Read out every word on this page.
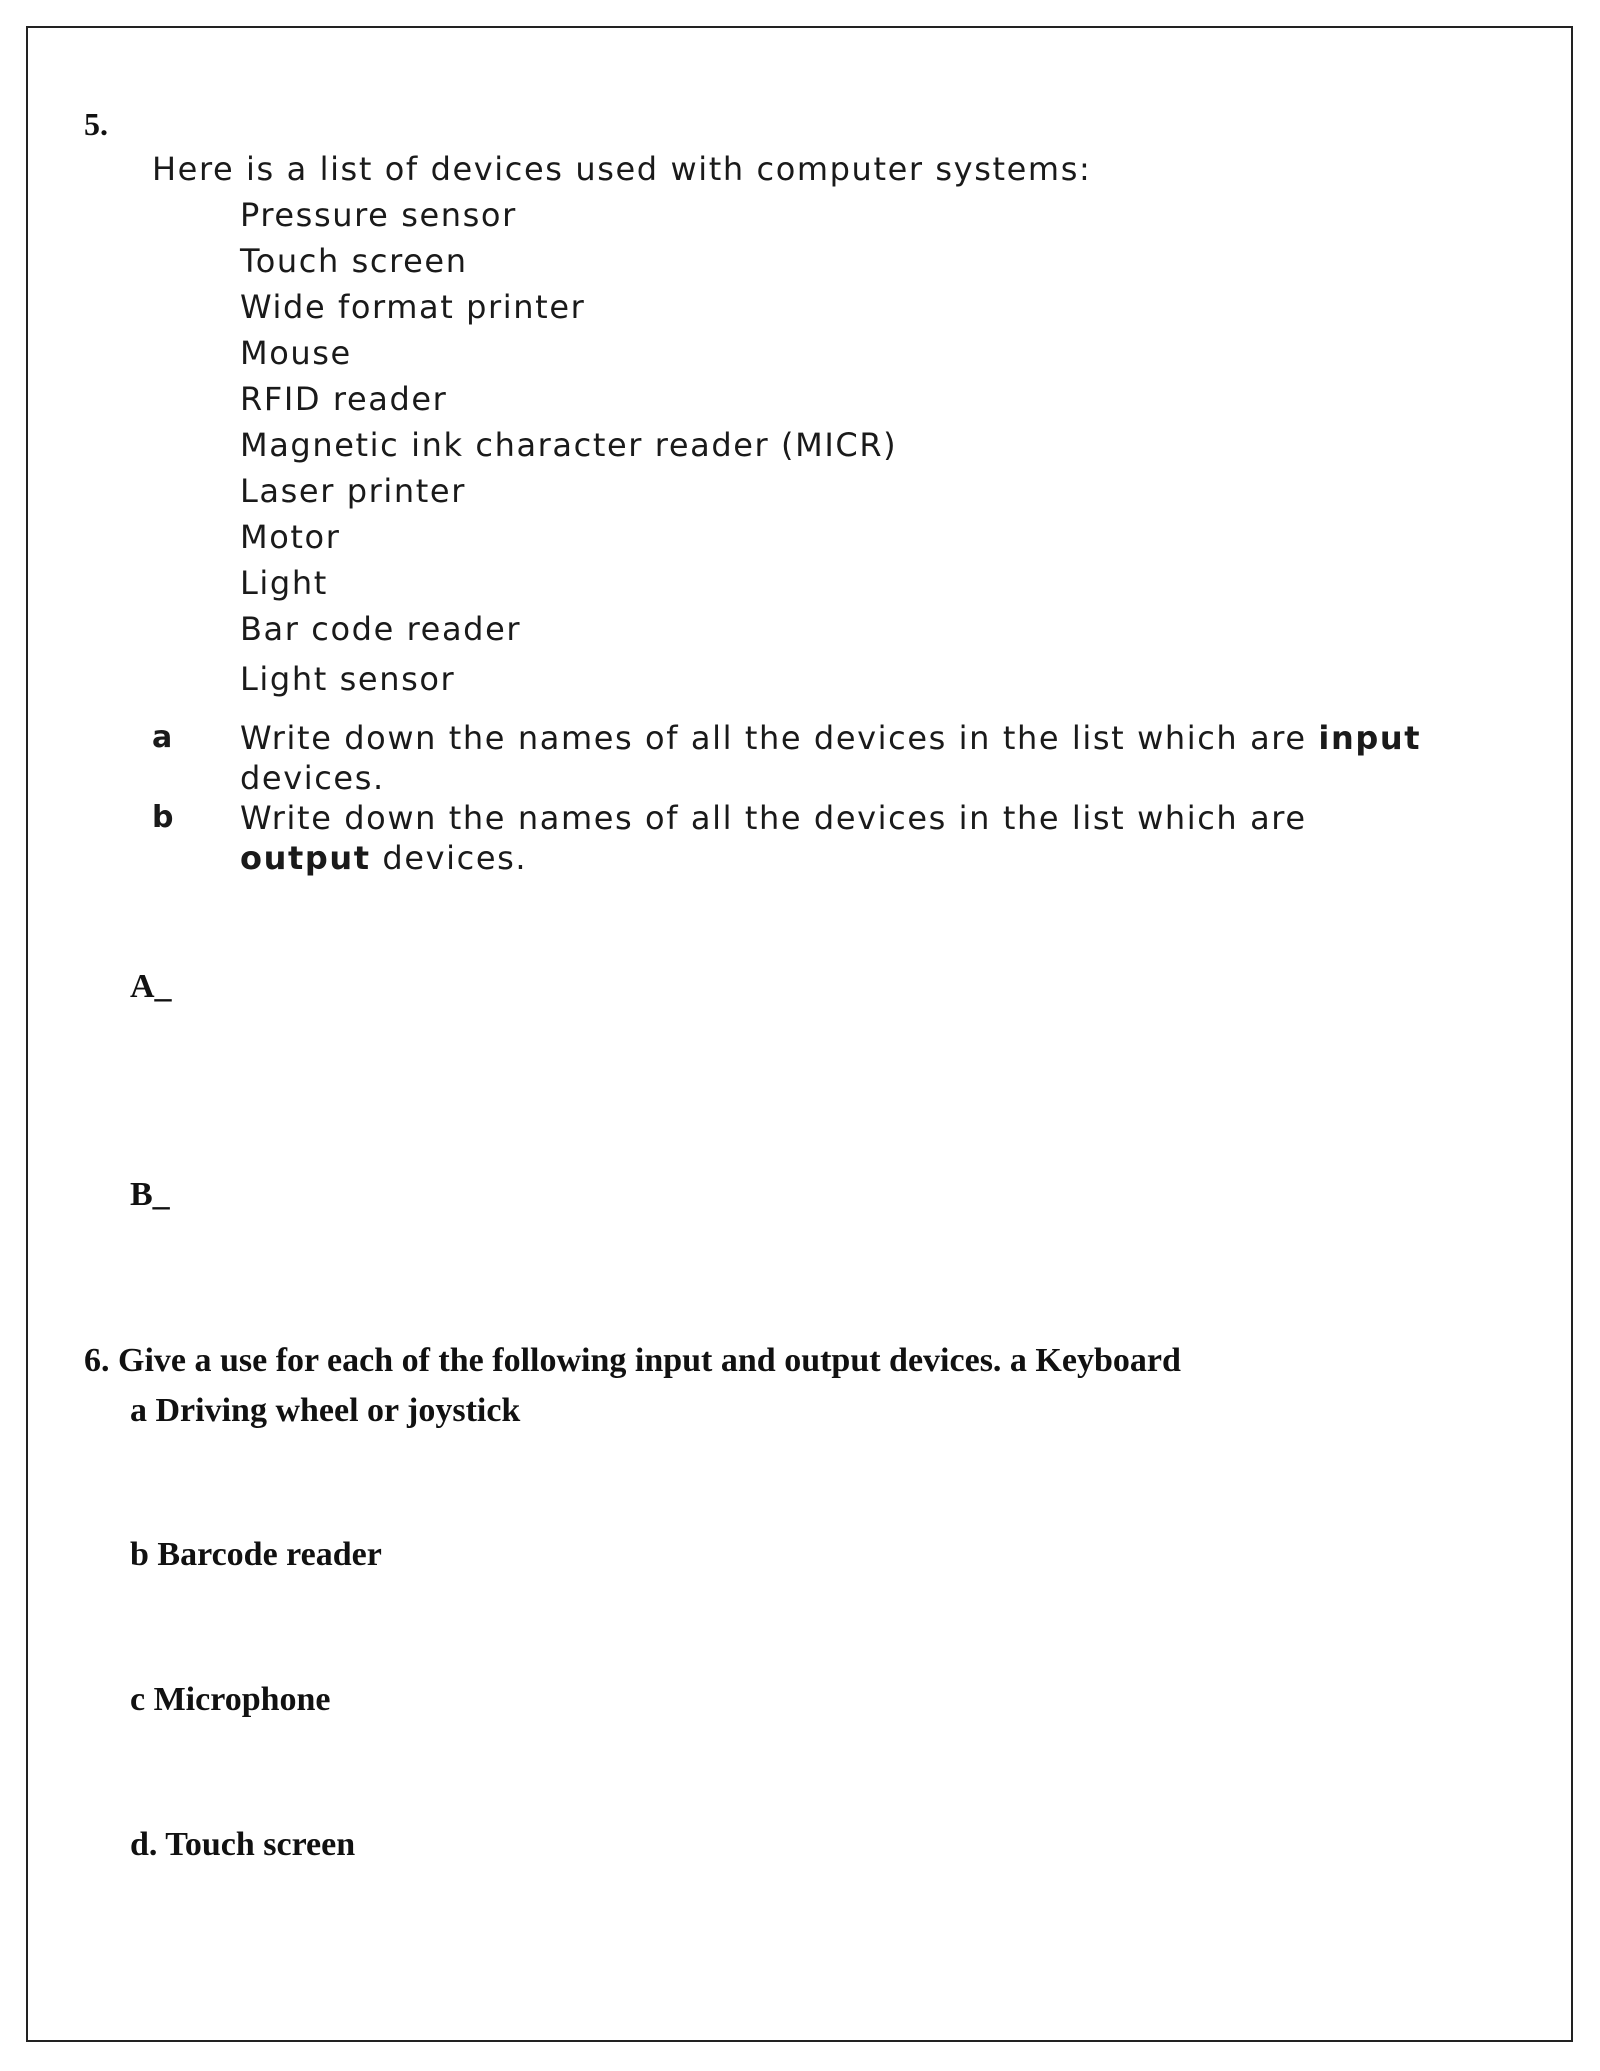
5.
Here is a list of devices used with computer systems:
Pressure sensor
Touch screen
Wide format printer
Mouse
RFID reader
Magnetic ink character reader (MICR)
Laser printer
Motor
Light
Bar code reader
Light sensor
a Write down the names of all the devices in the list which are input devices.
b Write down the names of all the devices in the list which are output devices.
A_
B_
6. Give a use for each of the following input and output devices. a Keyboard
a Driving wheel or joystick
b Barcode reader
c Microphone
d. Touch screen
